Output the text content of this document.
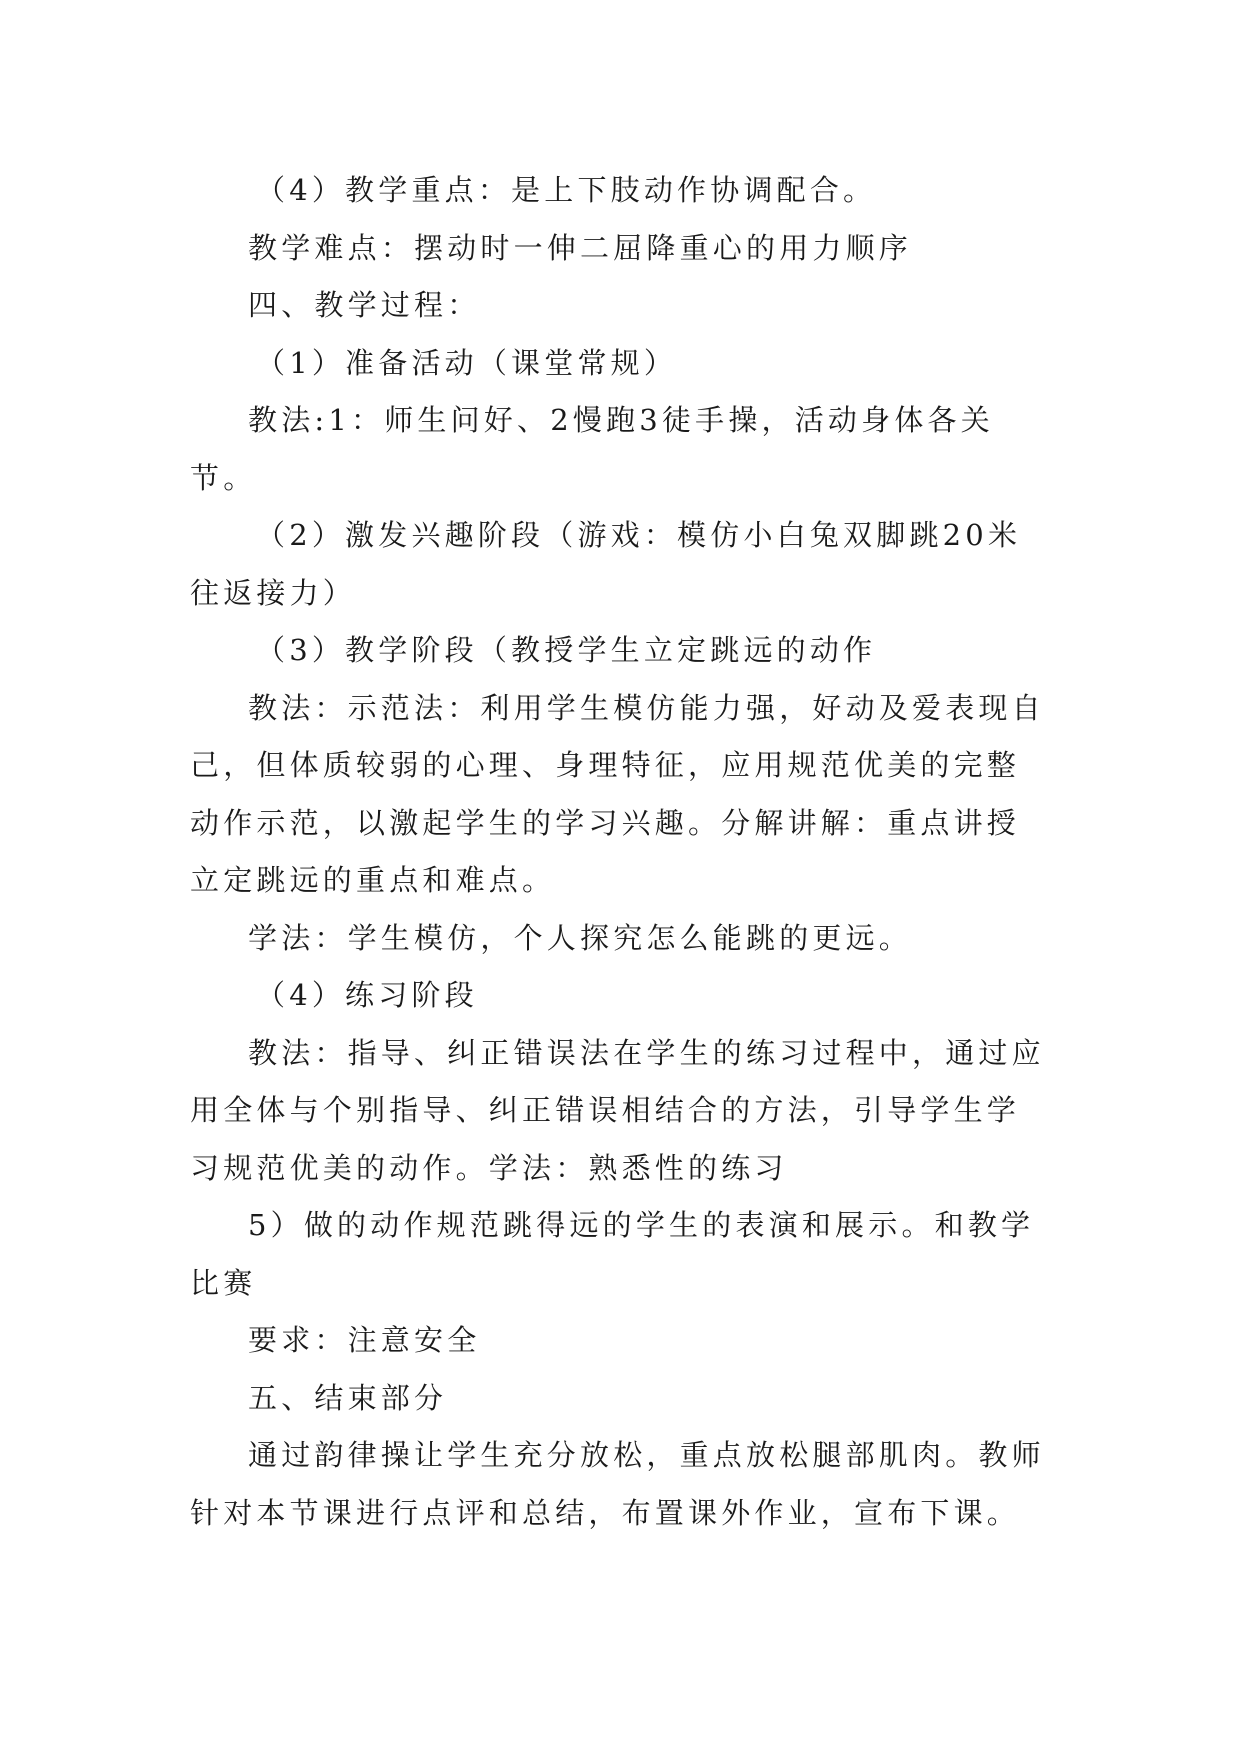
（4）教学重点：是上下肢动作协调配合。

教学难点：摆动时一伸二屈降重心的用力顺序

四、教学过程：

（1）准备活动（课堂常规）

教法:1：师生问好、2慢跑3徒手操，活动身体各关节。

（2）激发兴趣阶段（游戏：模仿小白兔双脚跳20米往返接力）

（3）教学阶段（教授学生立定跳远的动作

教法：示范法：利用学生模仿能力强，好动及爱表现自己，但体质较弱的心理、身理特征，应用规范优美的完整动作示范，以激起学生的学习兴趣。分解讲解：重点讲授立定跳远的重点和难点。

学法：学生模仿，个人探究怎么能跳的更远。

（4）练习阶段

教法：指导、纠正错误法在学生的练习过程中，通过应用全体与个别指导、纠正错误相结合的方法，引导学生学习规范优美的动作。学法：熟悉性的练习

5）做的动作规范跳得远的学生的表演和展示。和教学比赛

要求：注意安全

五、结束部分

通过韵律操让学生充分放松，重点放松腿部肌肉。教师针对本节课进行点评和总结，布置课外作业，宣布下课。
